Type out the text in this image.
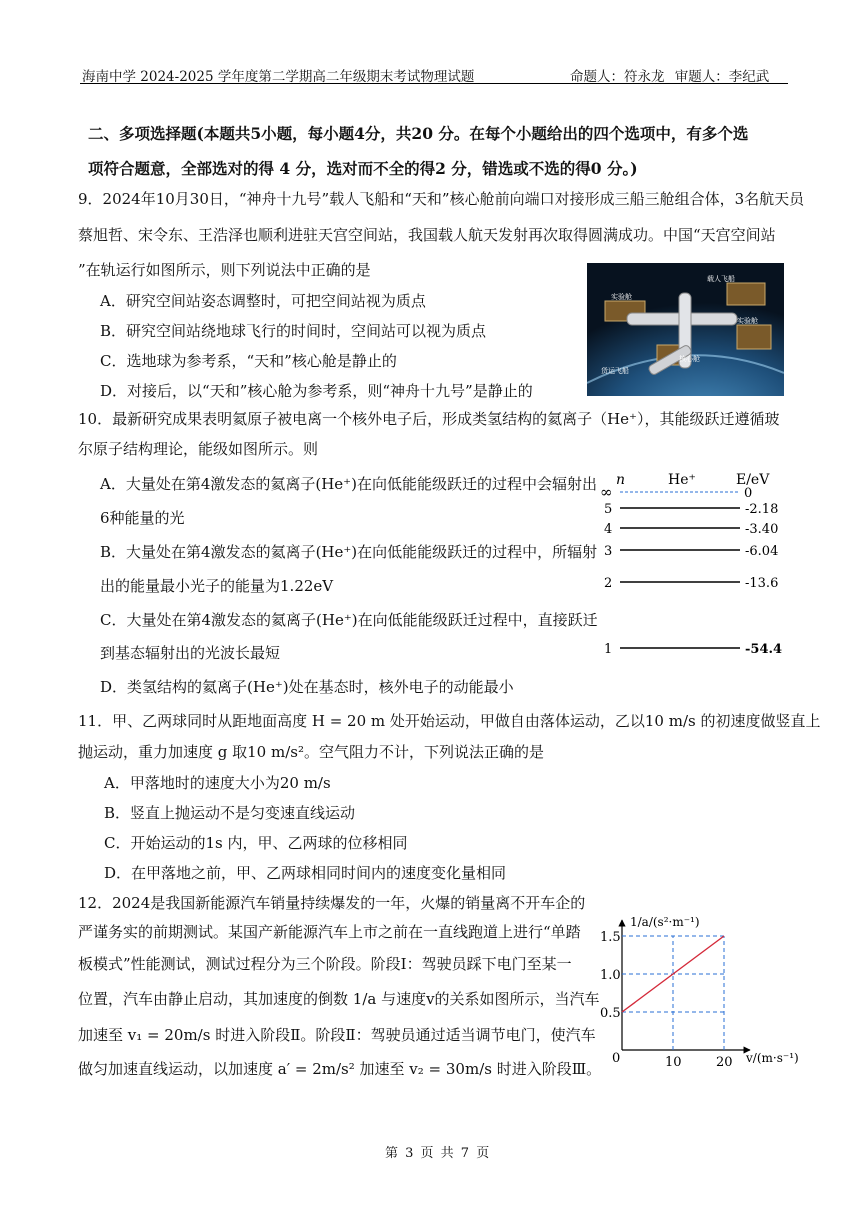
海南中学 2024-2025 学年度第二学期高二年级期末考试物理试题	命题人：符永龙 审题人：李纪武
二、多项选择题(本题共5小题，每小题4分，共20 分。在每个小题给出的四个选项中，有多个选
项符合题意，全部选对的得 4 分，选对而不全的得2 分，错选或不选的得0 分。)
9．2024年10月30日，“神舟十九号”载人飞船和“天和”核心舱前向端口对接形成三船三舱组合体，3名航天员
蔡旭哲、宋令东、王浩泽也顺利进驻天宫空间站，我国载人航天发射再次取得圆满成功。中国“天宫空间站
”在轨运行如图所示，则下列说法中正确的是
A．研究空间站姿态调整时，可把空间站视为质点
B．研究空间站绕地球飞行的时间时，空间站可以视为质点
C．选地球为参考系，“天和”核心舱是静止的
D．对接后，以“天和”核心舱为参考系，则“神舟十九号”是静止的
载人飞船
实验舱
实验舱
核心舱
货运飞船
10．最新研究成果表明氦原子被电离一个核外电子后，形成类氢结构的氦离子（He⁺），其能级跃迁遵循玻
尔原子结构理论，能级如图所示。则
A．大量处在第4激发态的氦离子(He⁺)在向低能能级跃迁的过程中会辐射出
6种能量的光
B．大量处在第4激发态的氦离子(He⁺)在向低能能级跃迁的过程中，所辐射
出的能量最小光子的能量为1.22eV
C．大量处在第4激发态的氦离子(He⁺)在向低能能级跃迁过程中，直接跃迁
到基态辐射出的光波长最短
D．类氢结构的氦离子(He⁺)处在基态时，核外电子的动能最小
n	He⁺	E/eV
∞	0
5	-2.18
4	-3.40
3	-6.04
2	-13.6
1	-54.4
11．甲、乙两球同时从距地面高度 H = 20 m 处开始运动，甲做自由落体运动，乙以10 m/s 的初速度做竖直上
抛运动，重力加速度 g 取10 m/s²。空气阻力不计，下列说法正确的是
A．甲落地时的速度大小为20 m/s
B．竖直上抛运动不是匀变速直线运动
C．开始运动的1s 内，甲、乙两球的位移相同
D．在甲落地之前，甲、乙两球相同时间内的速度变化量相同
12．2024是我国新能源汽车销量持续爆发的一年，火爆的销量离不开车企的
严谨务实的前期测试。某国产新能源汽车上市之前在一直线跑道上进行“单踏
板模式”性能测试，测试过程分为三个阶段。阶段Ⅰ：驾驶员踩下电门至某一
位置，汽车由静止启动，其加速度的倒数 1/a 与速度v的关系如图所示，当汽车
加速至 v₁ = 20m/s 时进入阶段Ⅱ。阶段Ⅱ：驾驶员通过适当调节电门，使汽车
做匀加速直线运动，以加速度 a′ = 2m/s² 加速至 v₂ = 30m/s 时进入阶段Ⅲ。
1/a/(s²·m⁻¹)
v/(m·s⁻¹)
0
0.5
1.0
1.5
10	20
第 3 页 共 7 页
